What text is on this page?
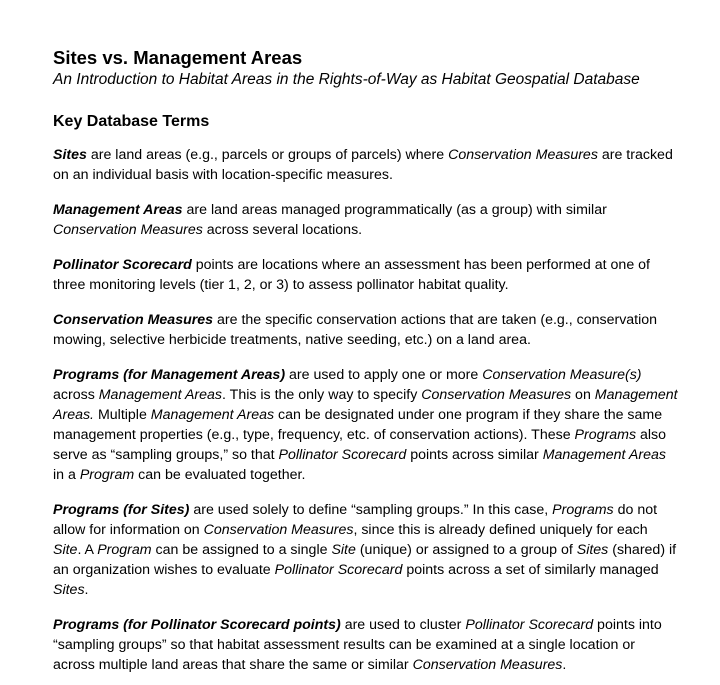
Sites vs. Management Areas

An Introduction to Habitat Areas in the Rights-of-Way as Habitat Geospatial Database

Key Database Terms

Sites are land areas (e.g., parcels or groups of parcels) where Conservation Measures are tracked on an individual basis with location-specific measures.

Management Areas are land areas managed programmatically (as a group) with similar Conservation Measures across several locations.

Pollinator Scorecard points are locations where an assessment has been performed at one of three monitoring levels (tier 1, 2, or 3) to assess pollinator habitat quality.

Conservation Measures are the specific conservation actions that are taken (e.g., conservation mowing, selective herbicide treatments, native seeding, etc.) on a land area.

Programs (for Management Areas) are used to apply one or more Conservation Measure(s) across Management Areas. This is the only way to specify Conservation Measures on Management Areas. Multiple Management Areas can be designated under one program if they share the same management properties (e.g., type, frequency, etc. of conservation actions). These Programs also serve as “sampling groups,” so that Pollinator Scorecard points across similar Management Areas in a Program can be evaluated together.

Programs (for Sites) are used solely to define “sampling groups.” In this case, Programs do not allow for information on Conservation Measures, since this is already defined uniquely for each Site. A Program can be assigned to a single Site (unique) or assigned to a group of Sites (shared) if an organization wishes to evaluate Pollinator Scorecard points across a set of similarly managed Sites.

Programs (for Pollinator Scorecard points) are used to cluster Pollinator Scorecard points into “sampling groups” so that habitat assessment results can be examined at a single location or across multiple land areas that share the same or similar Conservation Measures.
